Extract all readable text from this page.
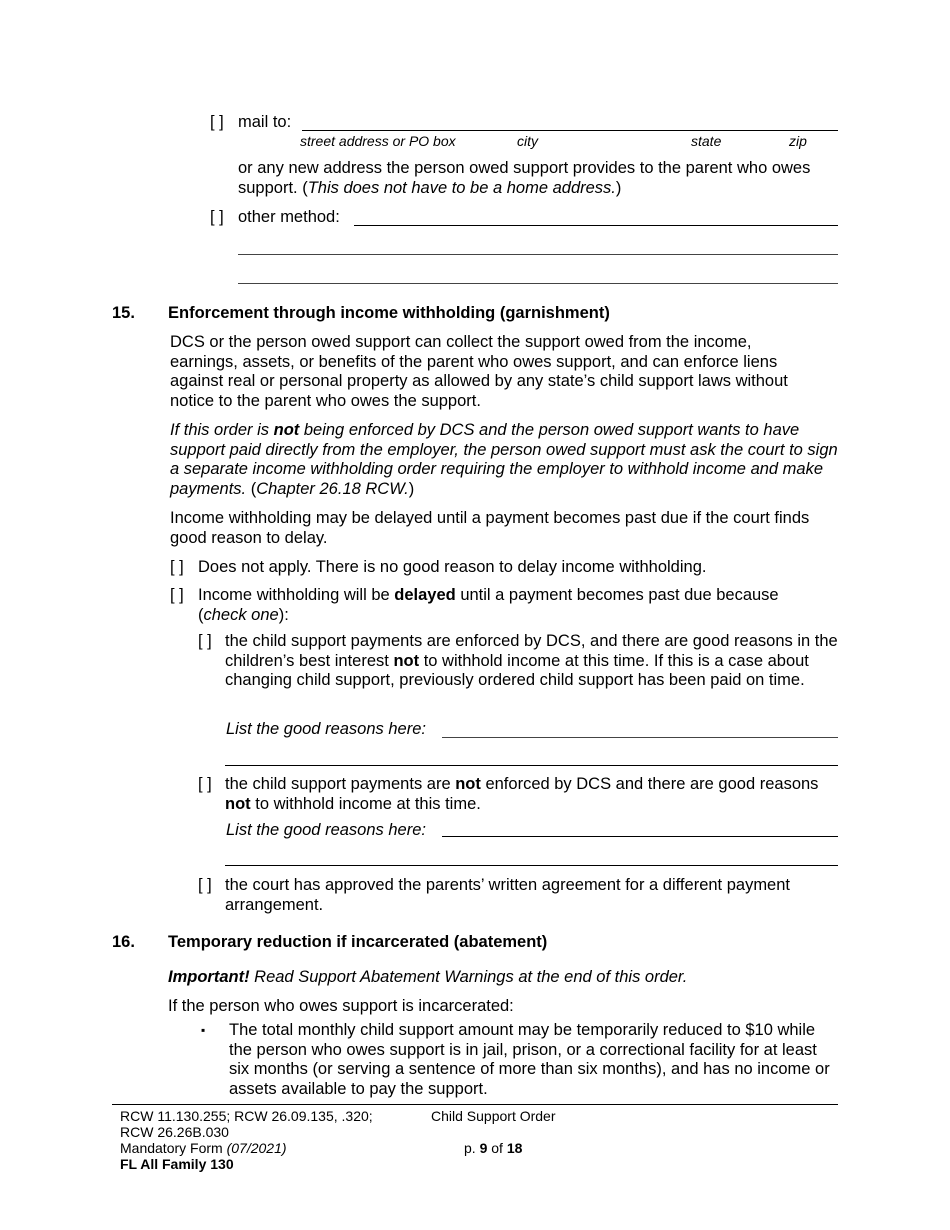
[ ] mail to:
street address or PO box	city	state	zip
or any new address the person owed support provides to the parent who owes support. (This does not have to be a home address.)
[ ] other method:
15. Enforcement through income withholding (garnishment)
DCS or the person owed support can collect the support owed from the income, earnings, assets, or benefits of the parent who owes support, and can enforce liens against real or personal property as allowed by any state’s child support laws without notice to the parent who owes the support.
If this order is not being enforced by DCS and the person owed support wants to have support paid directly from the employer, the person owed support must ask the court to sign a separate income withholding order requiring the employer to withhold income and make payments. (Chapter 26.18 RCW.)
Income withholding may be delayed until a payment becomes past due if the court finds good reason to delay.
[ ] Does not apply. There is no good reason to delay income withholding.
[ ] Income withholding will be delayed until a payment becomes past due because (check one):
[ ] the child support payments are enforced by DCS, and there are good reasons in the children’s best interest not to withhold income at this time. If this is a case about changing child support, previously ordered child support has been paid on time.
List the good reasons here:
[ ] the child support payments are not enforced by DCS and there are good reasons not to withhold income at this time.
List the good reasons here:
[ ] the court has approved the parents’ written agreement for a different payment arrangement.
16. Temporary reduction if incarcerated (abatement)
Important! Read Support Abatement Warnings at the end of this order.
If the person who owes support is incarcerated:
▪ The total monthly child support amount may be temporarily reduced to $10 while the person who owes support is in jail, prison, or a correctional facility for at least six months (or serving a sentence of more than six months), and has no income or assets available to pay the support.
RCW 11.130.255; RCW 26.09.135, .320;
RCW 26.26B.030
Mandatory Form (07/2021)
FL All Family 130
Child Support Order
p. 9 of 18
